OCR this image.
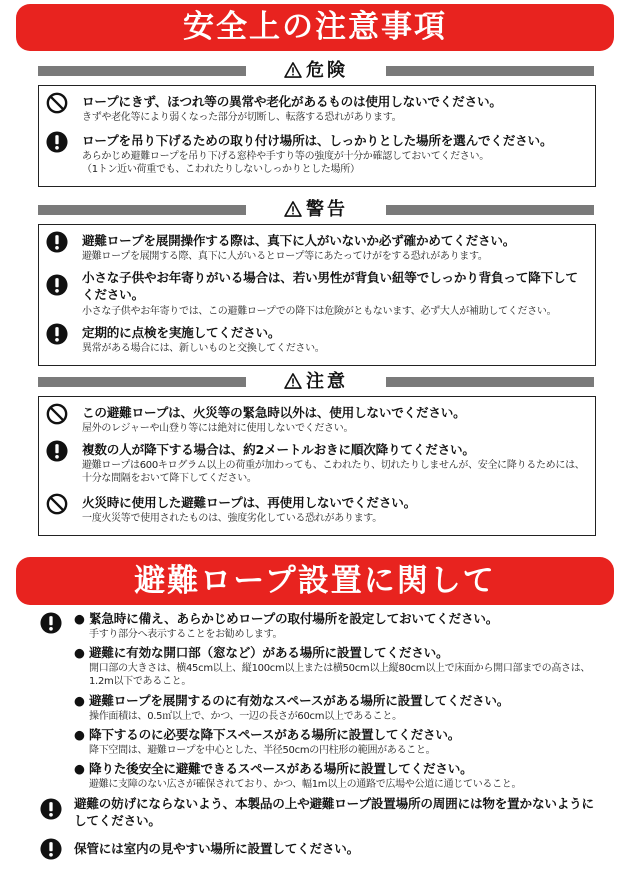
安全上の注意事項
危険
ロープにきず、ほつれ等の異常や老化があるものは使用しないでください。
きずや老化等により弱くなった部分が切断し、転落する恐れがあります。
ロープを吊り下げるための取り付け場所は、しっかりとした場所を選んでください。
あらかじめ避難ロープを吊り下げる窓枠や手すり等の強度が十分か確認しておいてください。
（1トン近い荷重でも、こわれたりしないしっかりとした場所）
警告
避難ロープを展開操作する際は、真下に人がいないか必ず確かめてください。
避難ロープを展開する際、真下に人がいるとロープ等にあたってけがをする恐れがあります。
小さな子供やお年寄りがいる場合は、若い男性が背負い紐等でしっかり背負って降下してください。
小さな子供やお年寄りでは、この避難ロープでの降下は危険がともないます、必ず大人が補助してください。
定期的に点検を実施してください。
異常がある場合には、新しいものと交換してください。
注意
この避難ロープは、火災等の緊急時以外は、使用しないでください。
屋外のレジャーや山登り等には絶対に使用しないでください。
複数の人が降下する場合は、約2メートルおきに順次降りてください。
避難ロープは600キログラム以上の荷重が加わっても、こわれたり、切れたりしませんが、安全に降りるためには、十分な間隔をおいて降下してください。
火災時に使用した避難ロープは、再使用しないでください。
一度火災等で使用されたものは、強度劣化している恐れがあります。
避難ロープ設置に関して
● 緊急時に備え、あらかじめロープの取付場所を設定しておいてください。
手すり部分へ表示することをお勧めします。
● 避難に有効な開口部（窓など）がある場所に設置してください。
開口部の大きさは、横45cm以上、縦100cm以上または横50cm以上縦80cm以上で床面から開口部までの高さは、1.2m以下であること。
● 避難ロープを展開するのに有効なスペースがある場所に設置してください。
操作面積は、0.5㎡以上で、かつ、一辺の長さが60cm以上であること。
● 降下するのに必要な降下スペースがある場所に設置してください。
降下空間は、避難ロープを中心とした、半径50cmの円柱形の範囲があること。
● 降りた後安全に避難できるスペースがある場所に設置してください。
避難に支障のない広さが確保されており、かつ、幅1m以上の通路で広場や公道に通じていること。
避難の妨げにならないよう、本製品の上や避難ロープ設置場所の周囲には物を置かないようにしてください。
保管には室内の見やすい場所に設置してください。
